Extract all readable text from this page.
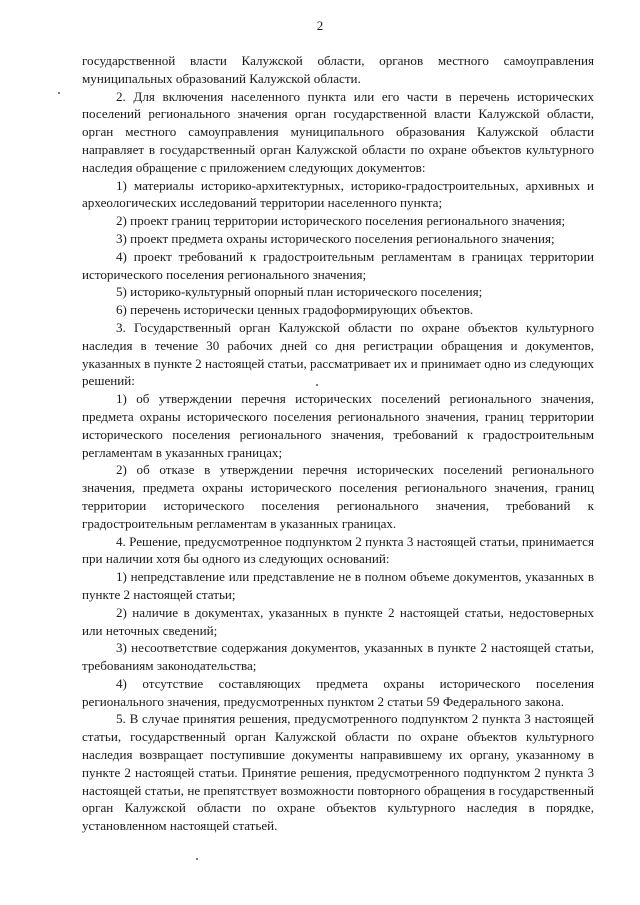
2

государственной власти Калужской области, органов местного самоуправления муниципальных образований Калужской области.

2. Для включения населенного пункта или его части в перечень исторических поселений регионального значения орган государственной власти Калужской области, орган местного самоуправления муниципального образования Калужской области направляет в государственный орган Калужской области по охране объектов культурного наследия обращение с приложением следующих документов:

1) материалы историко-архитектурных, историко-градостроительных, архивных и археологических исследований территории населенного пункта;

2) проект границ территории исторического поселения регионального значения;

3) проект предмета охраны исторического поселения регионального значения;

4) проект требований к градостроительным регламентам в границах территории исторического поселения регионального значения;

5) историко-культурный опорный план исторического поселения;

6) перечень исторически ценных градоформирующих объектов.

3. Государственный орган Калужской области по охране объектов культурного наследия в течение 30 рабочих дней со дня регистрации обращения и документов, указанных в пункте 2 настоящей статьи, рассматривает их и принимает одно из следующих решений:

1) об утверждении перечня исторических поселений регионального значения, предмета охраны исторического поселения регионального значения, границ территории исторического поселения регионального значения, требований к градостроительным регламентам в указанных границах;

2) об отказе в утверждении перечня исторических поселений регионального значения, предмета охраны исторического поселения регионального значения, границ территории исторического поселения регионального значения, требований к градостроительным регламентам в указанных границах.

4. Решение, предусмотренное подпунктом 2 пункта 3 настоящей статьи, принимается при наличии хотя бы одного из следующих оснований:

1) непредставление или представление не в полном объеме документов, указанных в пункте 2 настоящей статьи;

2) наличие в документах, указанных в пункте 2 настоящей статьи, недостоверных или неточных сведений;

3) несоответствие содержания документов, указанных в пункте 2 настоящей статьи, требованиям законодательства;

4) отсутствие составляющих предмета охраны исторического поселения регионального значения, предусмотренных пунктом 2 статьи 59 Федерального закона.

5. В случае принятия решения, предусмотренного подпунктом 2 пункта 3 настоящей статьи, государственный орган Калужской области по охране объектов культурного наследия возвращает поступившие документы направившему их органу, указанному в пункте 2 настоящей статьи. Принятие решения, предусмотренного подпунктом 2 пункта 3 настоящей статьи, не препятствует возможности повторного обращения в государственный орган Калужской области по охране объектов культурного наследия в порядке, установленном настоящей статьей.
